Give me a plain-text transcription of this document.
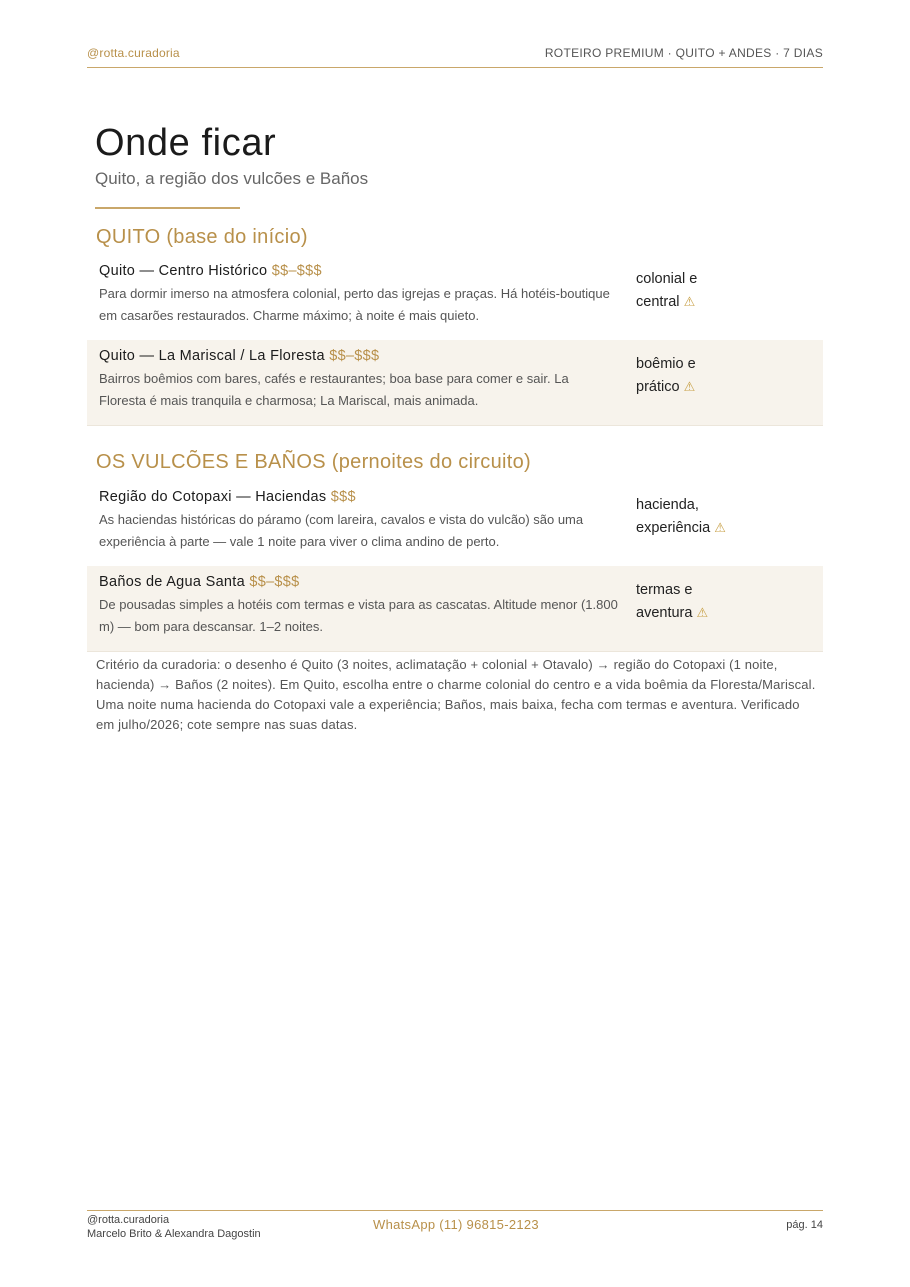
@rotta.curadoria	ROTEIRO PREMIUM · QUITO + ANDES · 7 DIAS
Onde ficar
Quito, a região dos vulcões e Baños
QUITO (base do início)
Quito — Centro Histórico $$–$$$
Para dormir imerso na atmosfera colonial, perto das igrejas e praças. Há hotéis-boutique em casarões restaurados. Charme máximo; à noite é mais quieto.
colonial e
central ⚠
Quito — La Mariscal / La Floresta $$–$$$
Bairros boêmios com bares, cafés e restaurantes; boa base para comer e sair. La Floresta é mais tranquila e charmosa; La Mariscal, mais animada.
boêmio e
prático ⚠
OS VULCÕES E BAÑOS (pernoites do circuito)
Região do Cotopaxi — Haciendas $$$
As haciendas históricas do páramo (com lareira, cavalos e vista do vulcão) são uma experiência à parte — vale 1 noite para viver o clima andino de perto.
hacienda,
experiência ⚠
Baños de Agua Santa $$–$$$
De pousadas simples a hotéis com termas e vista para as cascatas. Altitude menor (1.800 m) — bom para descansar. 1–2 noites.
termas e
aventura ⚠
Critério da curadoria: o desenho é Quito (3 noites, aclimatação + colonial + Otavalo) → região do Cotopaxi (1 noite, hacienda) → Baños (2 noites). Em Quito, escolha entre o charme colonial do centro e a vida boêmia da Floresta/Mariscal. Uma noite numa hacienda do Cotopaxi vale a experiência; Baños, mais baixa, fecha com termas e aventura. Verificado em julho/2026; cote sempre nas suas datas.
@rotta.curadoria
Marcelo Brito & Alexandra Dagostin
WhatsApp (11) 96815-2123	pág. 14
